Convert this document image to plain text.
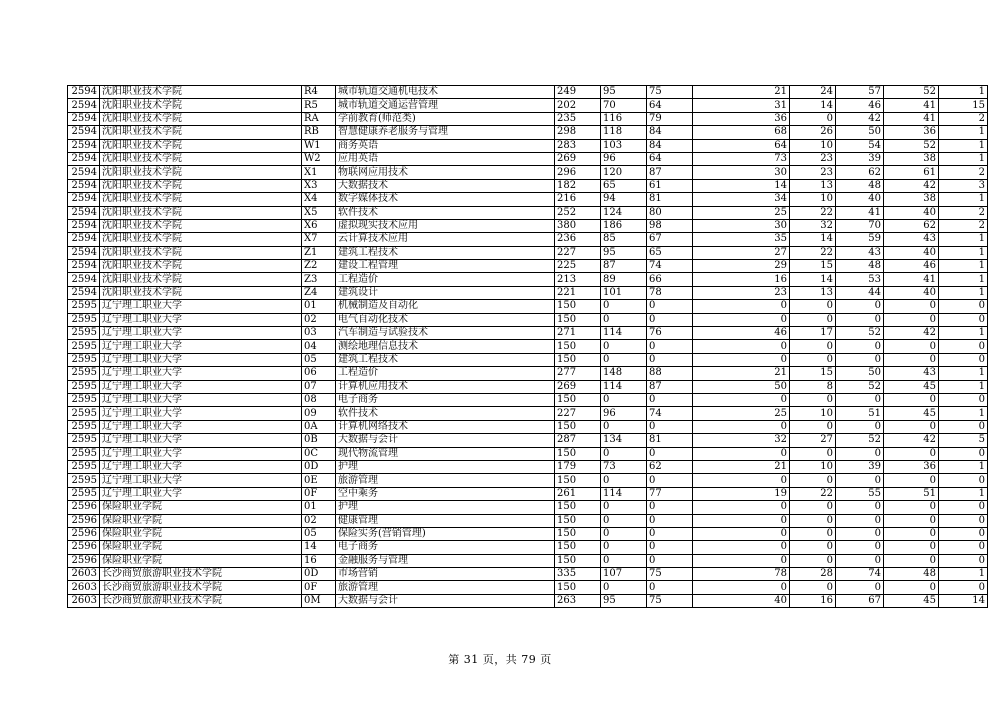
2594	沈阳职业技术学院	R4	城市轨道交通机电技术	249	95	75	21	24	57	52	1
2594	沈阳职业技术学院	R5	城市轨道交通运营管理	202	70	64	31	14	46	41	15
2594	沈阳职业技术学院	RA	学前教育(师范类)	235	116	79	36	0	42	41	2
2594	沈阳职业技术学院	RB	智慧健康养老服务与管理	298	118	84	68	26	50	36	1
2594	沈阳职业技术学院	W1	商务英语	283	103	84	64	10	54	52	1
2594	沈阳职业技术学院	W2	应用英语	269	96	64	73	23	39	38	1
2594	沈阳职业技术学院	X1	物联网应用技术	296	120	87	30	23	62	61	2
2594	沈阳职业技术学院	X3	大数据技术	182	65	61	14	13	48	42	3
2594	沈阳职业技术学院	X4	数字媒体技术	216	94	81	34	10	40	38	1
2594	沈阳职业技术学院	X5	软件技术	252	124	80	25	22	41	40	2
2594	沈阳职业技术学院	X6	虚拟现实技术应用	380	186	98	30	32	70	62	2
2594	沈阳职业技术学院	X7	云计算技术应用	236	85	67	35	14	59	43	1
2594	沈阳职业技术学院	Z1	建筑工程技术	227	95	65	27	22	43	40	1
2594	沈阳职业技术学院	Z2	建设工程管理	225	87	74	29	15	48	46	1
2594	沈阳职业技术学院	Z3	工程造价	213	89	66	16	14	53	41	1
2594	沈阳职业技术学院	Z4	建筑设计	221	101	78	23	13	44	40	1
2595	辽宁理工职业大学	01	机械制造及自动化	150	0	0	0	0	0	0	0
2595	辽宁理工职业大学	02	电气自动化技术	150	0	0	0	0	0	0	0
2595	辽宁理工职业大学	03	汽车制造与试验技术	271	114	76	46	17	52	42	1
2595	辽宁理工职业大学	04	测绘地理信息技术	150	0	0	0	0	0	0	0
2595	辽宁理工职业大学	05	建筑工程技术	150	0	0	0	0	0	0	0
2595	辽宁理工职业大学	06	工程造价	277	148	88	21	15	50	43	1
2595	辽宁理工职业大学	07	计算机应用技术	269	114	87	50	8	52	45	1
2595	辽宁理工职业大学	08	电子商务	150	0	0	0	0	0	0	0
2595	辽宁理工职业大学	09	软件技术	227	96	74	25	10	51	45	1
2595	辽宁理工职业大学	0A	计算机网络技术	150	0	0	0	0	0	0	0
2595	辽宁理工职业大学	0B	大数据与会计	287	134	81	32	27	52	42	5
2595	辽宁理工职业大学	0C	现代物流管理	150	0	0	0	0	0	0	0
2595	辽宁理工职业大学	0D	护理	179	73	62	21	10	39	36	1
2595	辽宁理工职业大学	0E	旅游管理	150	0	0	0	0	0	0	0
2595	辽宁理工职业大学	0F	空中乘务	261	114	77	19	22	55	51	1
2596	保险职业学院	01	护理	150	0	0	0	0	0	0	0
2596	保险职业学院	02	健康管理	150	0	0	0	0	0	0	0
2596	保险职业学院	05	保险实务(营销管理)	150	0	0	0	0	0	0	0
2596	保险职业学院	14	电子商务	150	0	0	0	0	0	0	0
2596	保险职业学院	16	金融服务与管理	150	0	0	0	0	0	0	0
2603	长沙商贸旅游职业技术学院	0D	市场营销	335	107	75	78	28	74	48	1
2603	长沙商贸旅游职业技术学院	0F	旅游管理	150	0	0	0	0	0	0	0
2603	长沙商贸旅游职业技术学院	0M	大数据与会计	263	95	75	40	16	67	45	14
第 31 页，共 79 页
